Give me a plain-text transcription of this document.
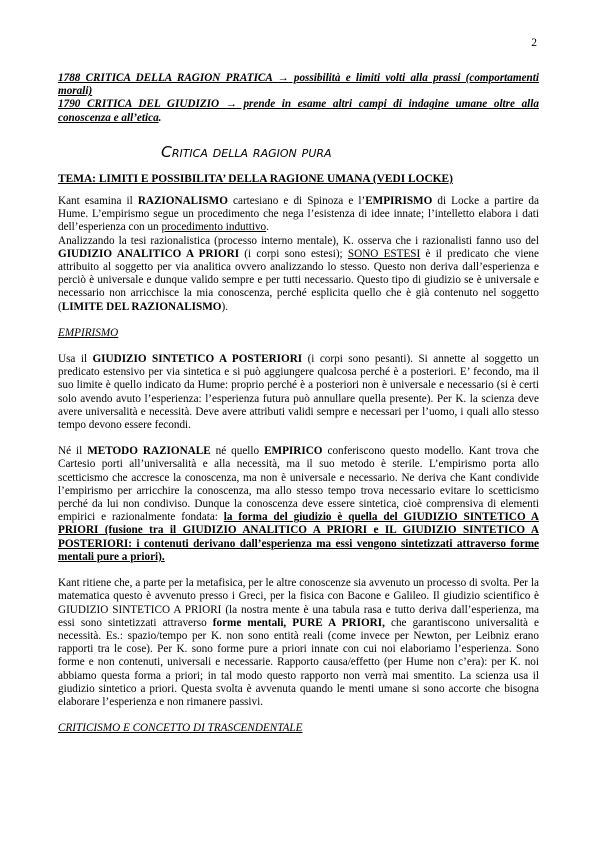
2

1788 CRITICA DELLA RAGION PRATICA → possibilità e limiti volti alla prassi (comportamenti morali)

1790 CRITICA DEL GIUDIZIO → prende in esame altri campi di indagine umane oltre alla conoscenza e all’etica.

Critica della ragion pura

TEMA: LIMITI E POSSIBILITA’ DELLA RAGIONE UMANA (VEDI LOCKE)

Kant esamina il RAZIONALISMO cartesiano e di Spinoza e l’EMPIRISMO di Locke a partire da Hume. L’empirismo segue un procedimento che nega l’esistenza di idee innate; l’intelletto elabora i dati dell’esperienza con un procedimento induttivo.

Analizzando la tesi razionalistica (processo interno mentale), K. osserva che i razionalisti fanno uso del GIUDIZIO ANALITICO A PRIORI (i corpi sono estesi); SONO ESTESI è il predicato che viene attribuito al soggetto per via analitica ovvero analizzando lo stesso. Questo non deriva dall’esperienza e perciò è universale e dunque valido sempre e per tutti necessario. Questo tipo di giudizio se è universale e necessario non arricchisce la mia conoscenza, perché esplicita quello che è già contenuto nel soggetto (LIMITE DEL RAZIONALISMO).

EMPIRISMO

Usa il GIUDIZIO SINTETICO A POSTERIORI (i corpi sono pesanti). Si annette al soggetto un predicato estensivo per via sintetica e si può aggiungere qualcosa perché è a posteriori. E’ fecondo, ma il suo limite è quello indicato da Hume: proprio perché è a posteriori non è universale e necessario (si è certi solo avendo avuto l’esperienza: l’esperienza futura può annullare quella presente). Per K. la scienza deve avere universalità e necessità. Deve avere attributi validi sempre e necessari per l’uomo, i quali allo stesso tempo devono essere fecondi.

Né il METODO RAZIONALE né quello EMPIRICO conferiscono questo modello. Kant trova che Cartesio porti all’universalità e alla necessità, ma il suo metodo è sterile. L’empirismo porta allo scetticismo che accresce la conoscenza, ma non è universale e necessario. Ne deriva che Kant condivide l’empirismo per arricchire la conoscenza, ma allo stesso tempo trova necessario evitare lo scetticismo perché da lui non condiviso. Dunque la conoscenza deve essere sintetica, cioè comprensiva di elementi empirici e razionalmente fondata: la forma del giudizio è quella del GIUDIZIO SINTETICO A PRIORI (fusione tra il GIUDIZIO ANALITICO A PRIORI e IL GIUDIZIO SINTETICO A POSTERIORI: i contenuti derivano dall’esperienza ma essi vengono sintetizzati attraverso forme mentali pure a priori).

Kant ritiene che, a parte per la metafisica, per le altre conoscenze sia avvenuto un processo di svolta. Per la matematica questo è avvenuto presso i Greci, per la fisica con Bacone e Galileo. Il giudizio scientifico è GIUDIZIO SINTETICO A PRIORI (la nostra mente è una tabula rasa e tutto deriva dall’esperienza, ma essi sono sintetizzati attraverso forme mentali, PURE A PRIORI, che garantiscono universalità e necessità. Es.: spazio/tempo per K. non sono entità reali (come invece per Newton, per Leibniz erano rapporti tra le cose). Per K. sono forme pure a priori innate con cui noi elaboriamo l’esperienza. Sono forme e non contenuti, universali e necessarie. Rapporto causa/effetto (per Hume non c’era): per K. noi abbiamo questa forma a priori; in tal modo questo rapporto non verrà mai smentito. La scienza usa il giudizio sintetico a priori. Questa svolta è avvenuta quando le menti umane si sono accorte che bisogna elaborare l’esperienza e non rimanere passivi.

CRITICISMO E CONCETTO DI TRASCENDENTALE
